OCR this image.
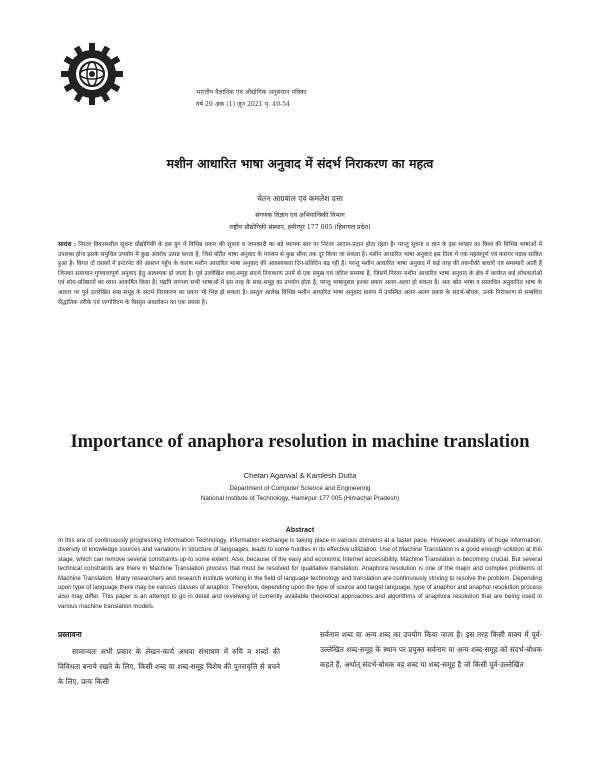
भारतीय वैज्ञानिक एवं औद्योगिक अनुसंधान पत्रिका
वर्ष 29 अंक (1) जून 2021 पृ. 49-54
मशीन आधारित भाषा अनुवाद में संदर्भ निराकरण का महत्व
चेतन आग्रवाल एवं कमलेश दत्ता
संगणक विज्ञान एवं अभियान्त्रिकी विभाग
राष्ट्रीय प्रौद्योगिकी संस्थान, हमीरपुर 177 005 (हिमाचल प्रदेश)
सारांश : निरंतर विकासशील सूचना प्रौद्योगिकी के इस युग में विभिन्न प्रकार की सूचना व जानकारी का बड़े व्यापक स्तर पर निरंतर आदान-प्रदान होता रहता है। परन्तु सूचना व ज्ञान के इस भण्डार का विश्व की विभिन्न भाषाओं में उपलब्ध होना इसके समुचित उपयोग में कुछ अवरोध उत्पन्न करता है, जिसे वर्तित भाषा अनुवाद के माध्यम से कुछ सीमा तक दूर किया जा सकता है। मशीन आधारित भाषा अनुवाद इस दिशा में एक महत्वपूर्ण एवं कारगर पड़ाव साबित हुआ है। विगत दो दशकों में इन्टरनेट की आसान पहुँच के कारण मशीन आधारित भाषा अनुवाद की आवश्यकता दिन-प्रतिदिन बढ़ रही है। परन्तु मशीन आधारित भाषा अनुवाद में कई तरह की तकनीकी बाधाएँ एवं समस्याएँ आती हैं जिनका समाधान गुणवत्तापूर्ण अनुवाद हेतु आवश्यक हो जाता है। पूर्व उल्लेखित शब्द-समूह संदर्भ निराकरण उनमें से एक प्रमुख एवं जटिल समस्या है, जिसमें निरंतर मशीन आधारित भाषा अनुवाद के क्षेत्र में कार्यरत कई शोधकर्ताओं एवं शोध-प्रतिष्ठानों का ध्यान आकर्षित किया है। यद्यपि लगभग सभी भाषाओं में इस तरह के शब्द-समूह का उपयोग होता है, परन्तु भाषानुसार इनका प्रकार अलग-अलग हो सकता है। अतः स्रोत भाषा व प्रस्तावित अनुवादित भाषा के आधार पर पूर्व उल्लेखित शब्द-समूह के संदर्भ निराकरण का प्रकार भी भिन्न हो सकता है। प्रस्तुत आलेख विभिन्न मशीन आधारित भाषा अनुवाद प्रारूप में उपस्थित अलग-अलग प्रकार के संदर्भ-बोधक, उनके निराकरण से सम्बंधित सैद्धांतिक तरीके एवं एल्गोरिदम के विस्तृत अवलोकन का एक प्रयास है।
Importance of anaphora resolution in machine translation
Chetan Agarwal & Kamlesh Dutta
Department of Computer Science and Engineering
National Institute of Technology, Hamirpur 177 005 (Himachal Pradesh)
Abstract
In this era of continuously progressing Information Technology, information exchange is taking place in various domains at a faster pace. However, availability of huge information, diversity of knowledge sources and variations in structure of languages, leads to some hurdles in its effective utilization. Use of Machine Translation is a good enough solution at this stage, which can remove several constraints up-to some extent. Also, because of the easy and economic Internet accessibility, Machine Translation is becoming crucial. But several technical constraints are there in Machine Translation process that must be resolved for qualitative translation. Anaphora resolution is one of the major and complex problems of Machine Translation. Many researchers and research institute working in the field of language technology and translation are continuously striving to resolve the problem. Depending upon type of language there may be various classes of anaphor. Therefore, depending upon the type of source and target language, type of anaphor and anaphor resolution process also may differ. This paper is an attempt to go in detail and reviewing of currently available theoretical approaches and algorithms of anaphora resolution that are being used in various machine translation models.
प्रस्तावना
सामान्यतः सभी प्रकार के लेखन-कार्य अथवा संभाषण में रुचि व शब्दों की विविधता बनाये रखने के लिए, किसी शब्द या शब्द-समूह विशेष की पुनरावृत्ति से बचने के लिए, प्रायः किसी
सर्वनाम शब्द या अन्य शब्द का उपयोग किया जाता है। इस तरह किसी वाक्य में पूर्व-उल्लेखित शब्द-समूह के स्थान पर प्रयुक्त सर्वनाम या अन्य शब्द-समूह को संदर्भ-बोधक कहते हैं, अर्थात् संदर्भ-बोधक वह शब्द या शब्द-समूह है जो किसी पूर्व-उल्लेखित
